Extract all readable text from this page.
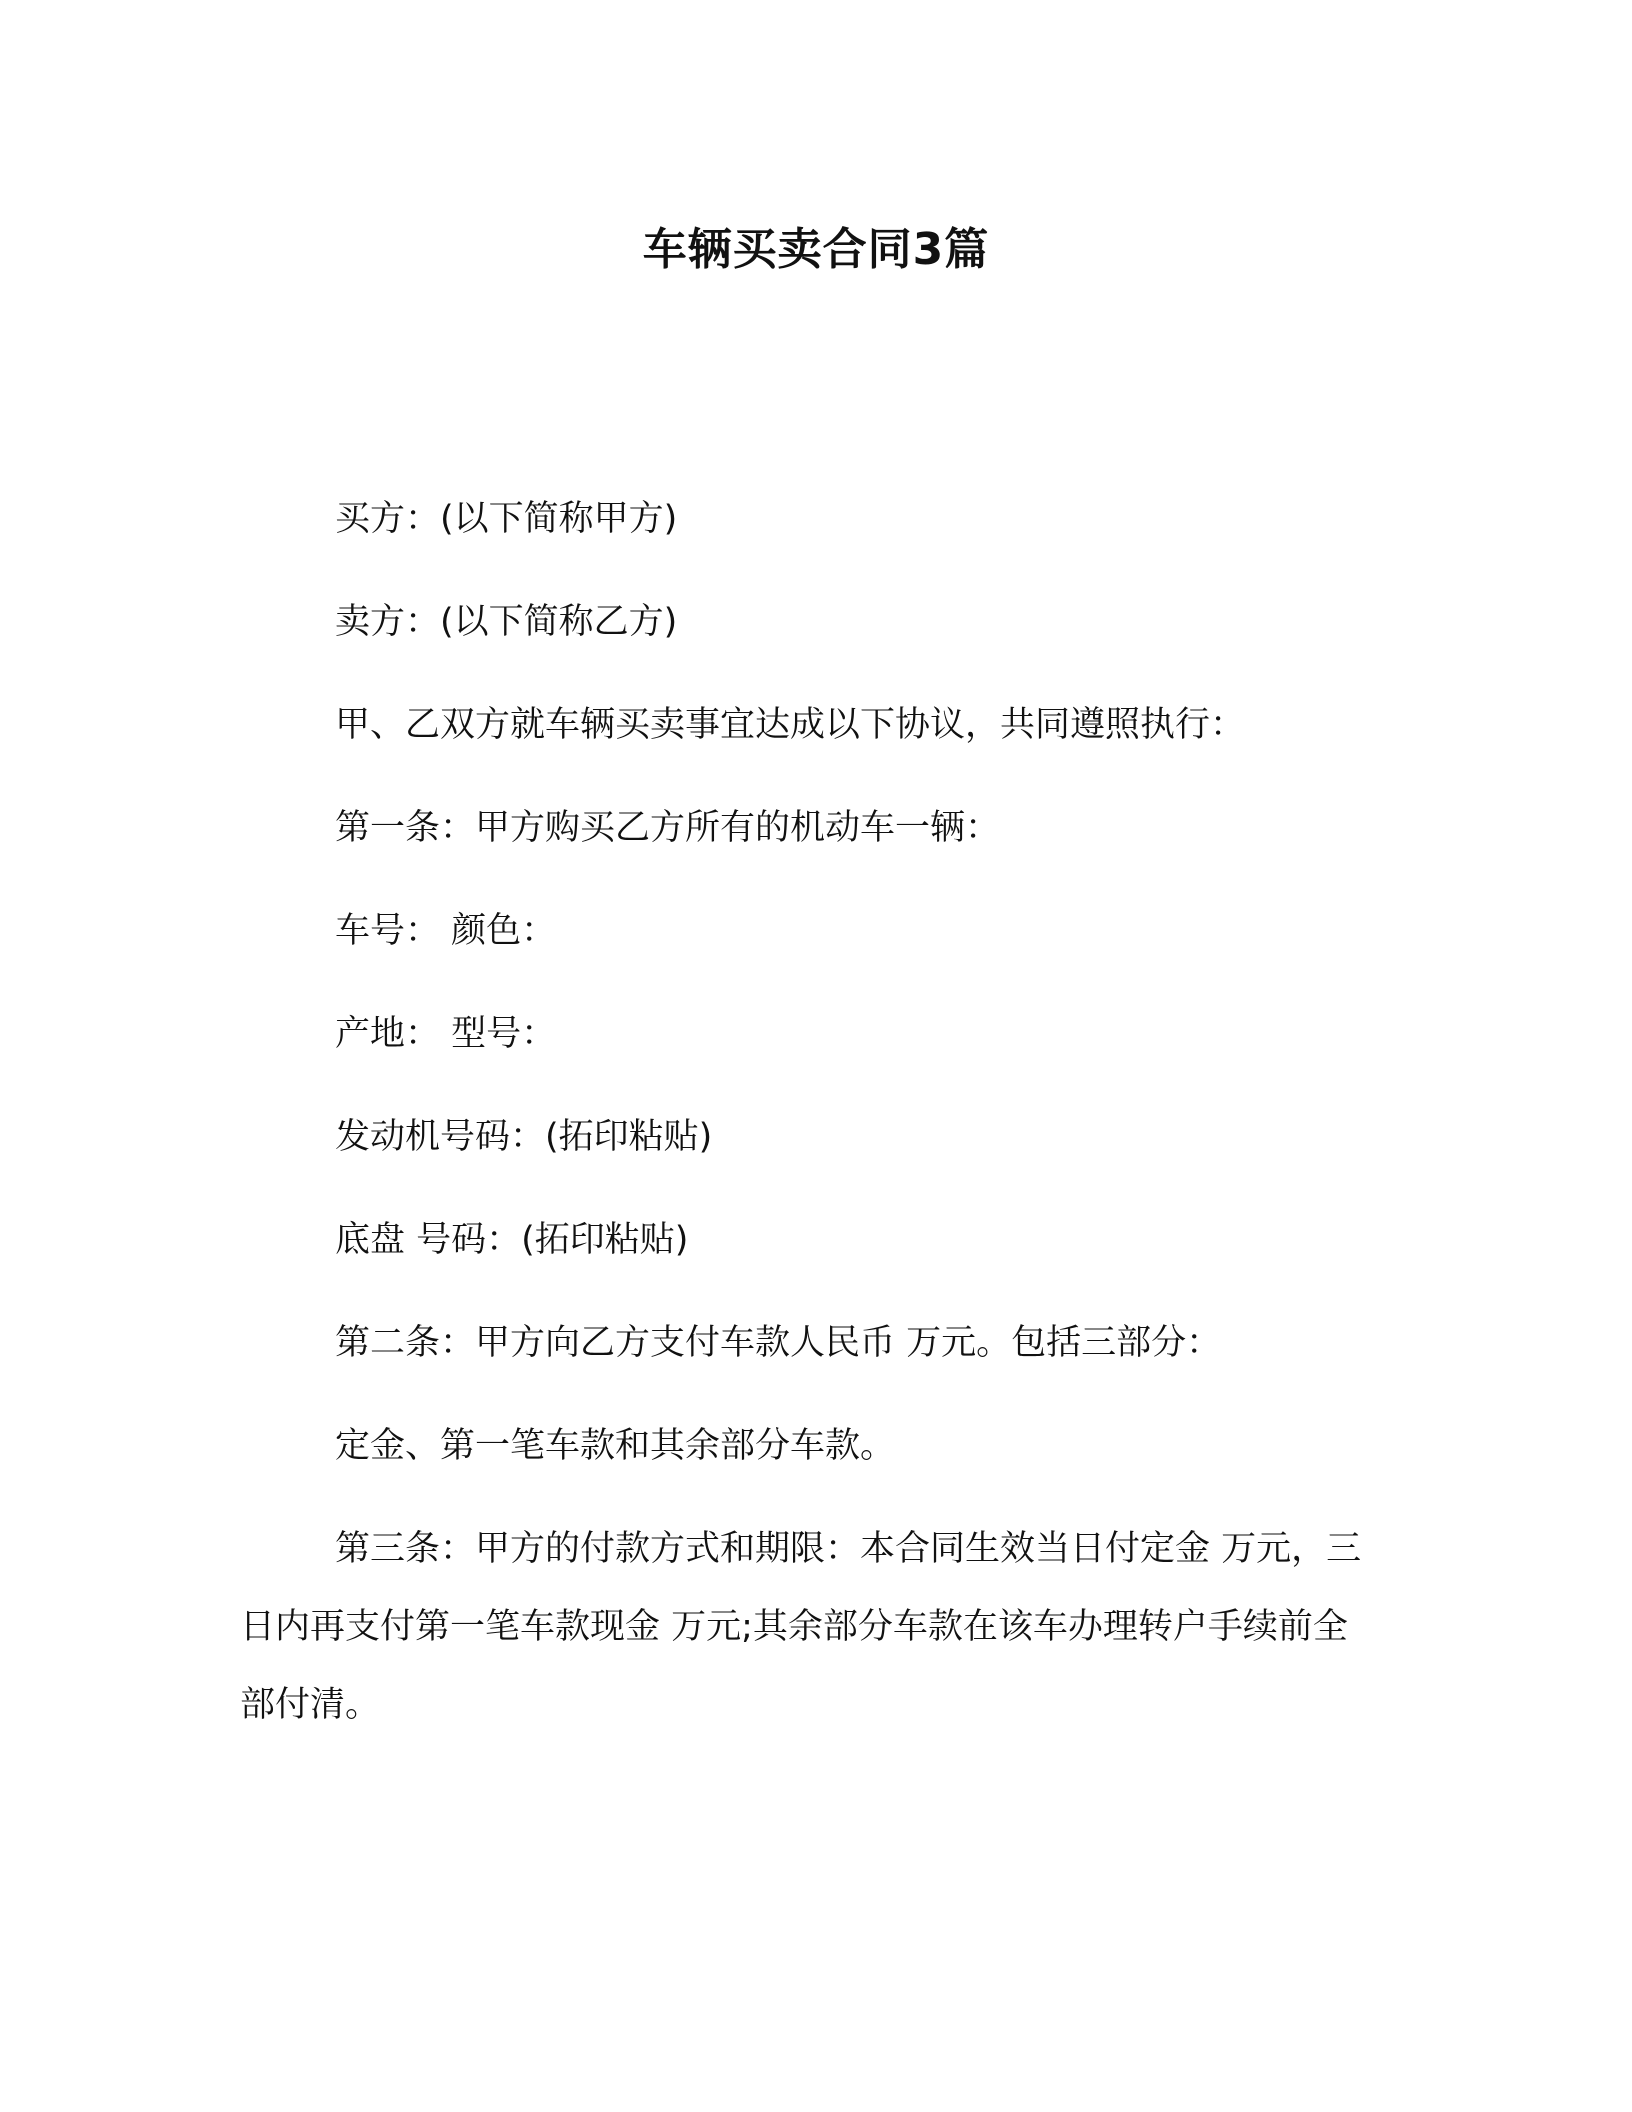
车辆买卖合同3篇
买方：(以下简称甲方)
卖方：(以下简称乙方)
甲、乙双方就车辆买卖事宜达成以下协议，共同遵照执行：
第一条：甲方购买乙方所有的机动车一辆：
车号： 颜色：
产地： 型号：
发动机号码：(拓印粘贴)
底盘 号码：(拓印粘贴)
第二条：甲方向乙方支付车款人民币 万元。包括三部分：
定金、第一笔车款和其余部分车款。
第三条：甲方的付款方式和期限：本合同生效当日付定金 万元，三日内再支付第一笔车款现金 万元;其余部分车款在该车办理转户手续前全部付清。
